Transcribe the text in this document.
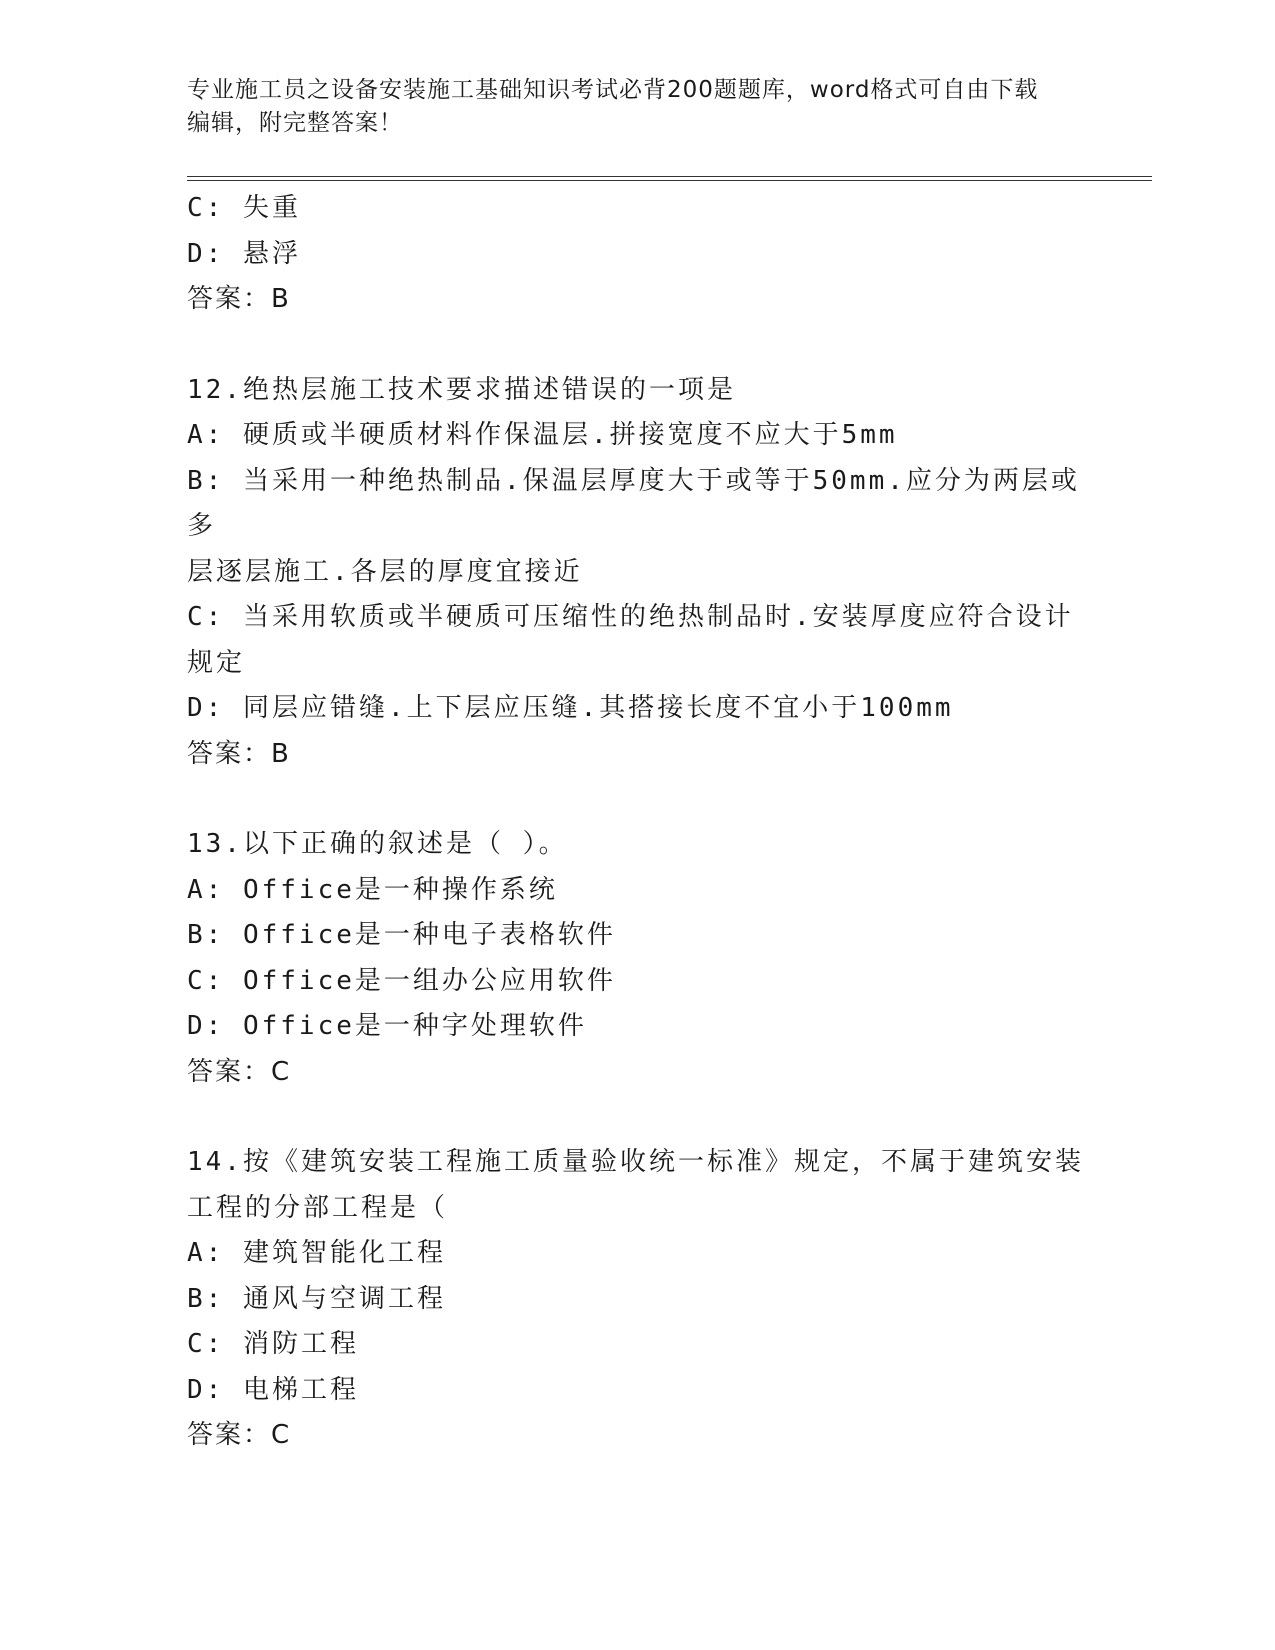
专业施工员之设备安装施工基础知识考试必背200题题库，word格式可自由下载
编辑，附完整答案！

C: 失重

D: 悬浮

答案：B

12.绝热层施工技术要求描述错误的一项是

A: 硬质或半硬质材料作保温层.拼接宽度不应大于5mm

B: 当采用一种绝热制品.保温层厚度大于或等于50mm.应分为两层或多

层逐层施工.各层的厚度宜接近

C: 当采用软质或半硬质可压缩性的绝热制品时.安装厚度应符合设计

规定

D: 同层应错缝.上下层应压缝.其搭接长度不宜小于100mm

答案：B

13.以下正确的叙述是（ ）。

A: Office是一种操作系统

B: Office是一种电子表格软件

C: Office是一组办公应用软件

D: Office是一种字处理软件

答案：C

14.按《建筑安装工程施工质量验收统一标准》规定，不属于建筑安装

工程的分部工程是（

A: 建筑智能化工程

B: 通风与空调工程

C: 消防工程

D: 电梯工程

答案：C
